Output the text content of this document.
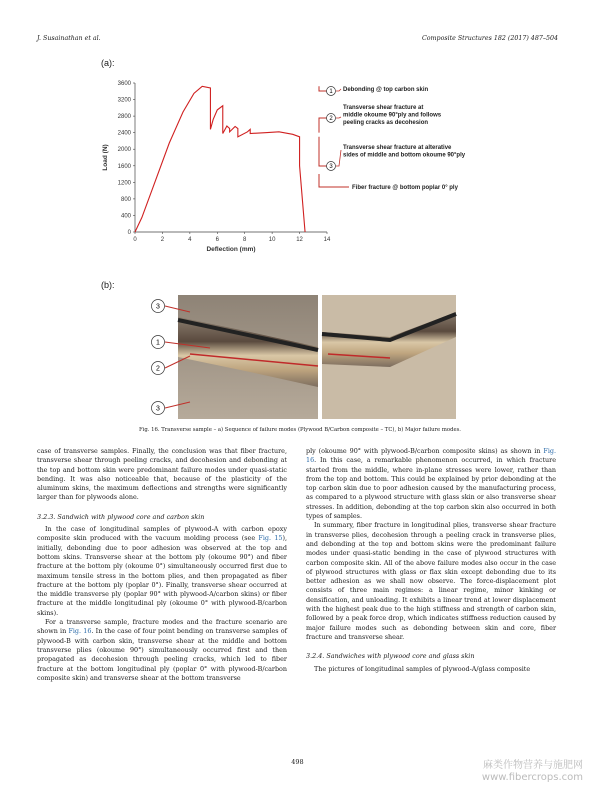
J. Susainathan et al.	Composite Structures 182 (2017) 487–504
(a):
0	2	4	6	8	10	12	14
0
400
800
1200
1600
2000
2400
2800
3200
3600
Deflection (mm)
Load (N)
1 Debonding @ top carbon skin
2
Transverse shear fracture at middle okoume 90°ply and follows peeling cracks as decohesion
3
Transverse shear fracture at alterative sides of middle and bottom okoume 90°ply
Fiber fracture @ bottom poplar 0° ply
(b):
3
1
2
3
Fig. 16. Transverse sample – a) Sequence of failure modes (Plywood B/Carbon composite – TC), b) Major failure modes.

case of transverse samples. Finally, the conclusion was that fiber fracture, transverse shear through peeling cracks, and decohesion and debonding at the top and bottom skin were predominant failure modes under quasi-static bending. It was also noticeable that, because of the plasticity of the aluminum skins, the maximum deflections and strengths were significantly larger than for plywoods alone.

3.2.3. Sandwich with plywood core and carbon skin

In the case of longitudinal samples of plywood-A with carbon epoxy composite skin produced with the vacuum molding process (see Fig. 15), initially, debonding due to poor adhesion was observed at the top and bottom skins. Transverse shear at the bottom ply (okoume 90°) and fiber fracture at the bottom ply (okoume 0°) simultaneously occurred first due to maximum tensile stress in the bottom plies, and then propagated as fiber fracture at the bottom ply (poplar 0°). Finally, transverse shear occurred at the middle transverse ply (poplar 90° with plywood-A/carbon skins) or fiber fracture at the middle longitudinal ply (okoume 0° with plywood-B/carbon skins).

For a transverse sample, fracture modes and the fracture scenario are shown in Fig. 16. In the case of four point bending on transverse samples of plywood-B with carbon skin, transverse shear at the middle and bottom transverse plies (okoume 90°) simultaneously occurred first and then propagated as decohesion through peeling cracks, which led to fiber fracture at the bottom longitudinal ply (poplar 0° with plywood-B/carbon composite skin) and transverse shear at the bottom transverse

ply (okoume 90° with plywood-B/carbon composite skins) as shown in Fig. 16. In this case, a remarkable phenomenon occurred, in which fracture started from the middle, where in-plane stresses were lower, rather than from the top and bottom. This could be explained by prior debonding at the top carbon skin due to poor adhesion caused by the manufacturing process, as compared to a plywood structure with glass skin or also transverse shear stresses. In addition, debonding at the top carbon skin also occurred in both types of samples.

In summary, fiber fracture in longitudinal plies, transverse shear fracture in transverse plies, decohesion through a peeling crack in transverse plies, and debonding at the top and bottom skins were the predominant failure modes under quasi-static bending in the case of plywood structures with carbon composite skin. All of the above failure modes also occur in the case of plywood structures with glass or flax skin except debonding due to its better adhesion as we shall now observe. The force-displacement plot consists of three main regimes: a linear regime, minor kinking or densification, and unloading. It exhibits a linear trend at lower displacement with the highest peak due to the high stiffness and strength of carbon skin, followed by a peak force drop, which indicates stiffness reduction caused by major failure modes such as debonding between skin and core, fiber fracture and transverse shear.

3.2.4. Sandwiches with plywood core and glass skin

The pictures of longitudinal samples of plywood-A/glass composite

498	麻类作物营养与施肥网
www.fibercrops.com
